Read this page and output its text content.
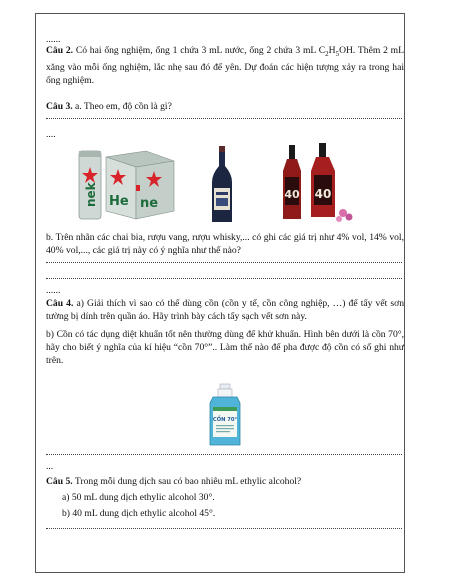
......
Câu 2. Có hai ống nghiệm, ống 1 chứa 3 mL nước, ống 2 chứa 3 mL $C_2H_5OH$. Thêm 2 mL xăng vào mỗi ống nghiệm, lắc nhẹ sau đó để yên. Dự đoán các hiện tượng xảy ra trong hai ống nghiệm.
Câu 3. a. Theo em, độ cồn là gì?
....
nek He ne
40 40
b. Trên nhãn các chai bia, rượu vang, rượu whisky,... có ghi các giá trị như 4% vol, 14% vol, 40% vol,..., các giá trị này có ý nghĩa như thế nào?
......
Câu 4. a) Giải thích vì sao có thể dùng cồn (cồn y tế, cồn công nghiệp, …) để tẩy vết sơn tường bị dính trên quần áo. Hãy trình bày cách tẩy sạch vết sơn này.
b) Cồn có tác dụng diệt khuẩn tốt nên thường dùng để khử khuẩn. Hình bên dưới là cồn 70°, hãy cho biết ý nghĩa của kí hiệu “cồn 70°”.. Làm thế nào để pha được độ cồn có số ghi như trên.
CỒN 70°
...
Câu 5. Trong mỗi dung dịch sau có bao nhiêu mL ethylic alcohol?
a) 50 mL dung dịch ethylic alcohol 30°.
b) 40 mL dung dịch ethylic alcohol 45°.
